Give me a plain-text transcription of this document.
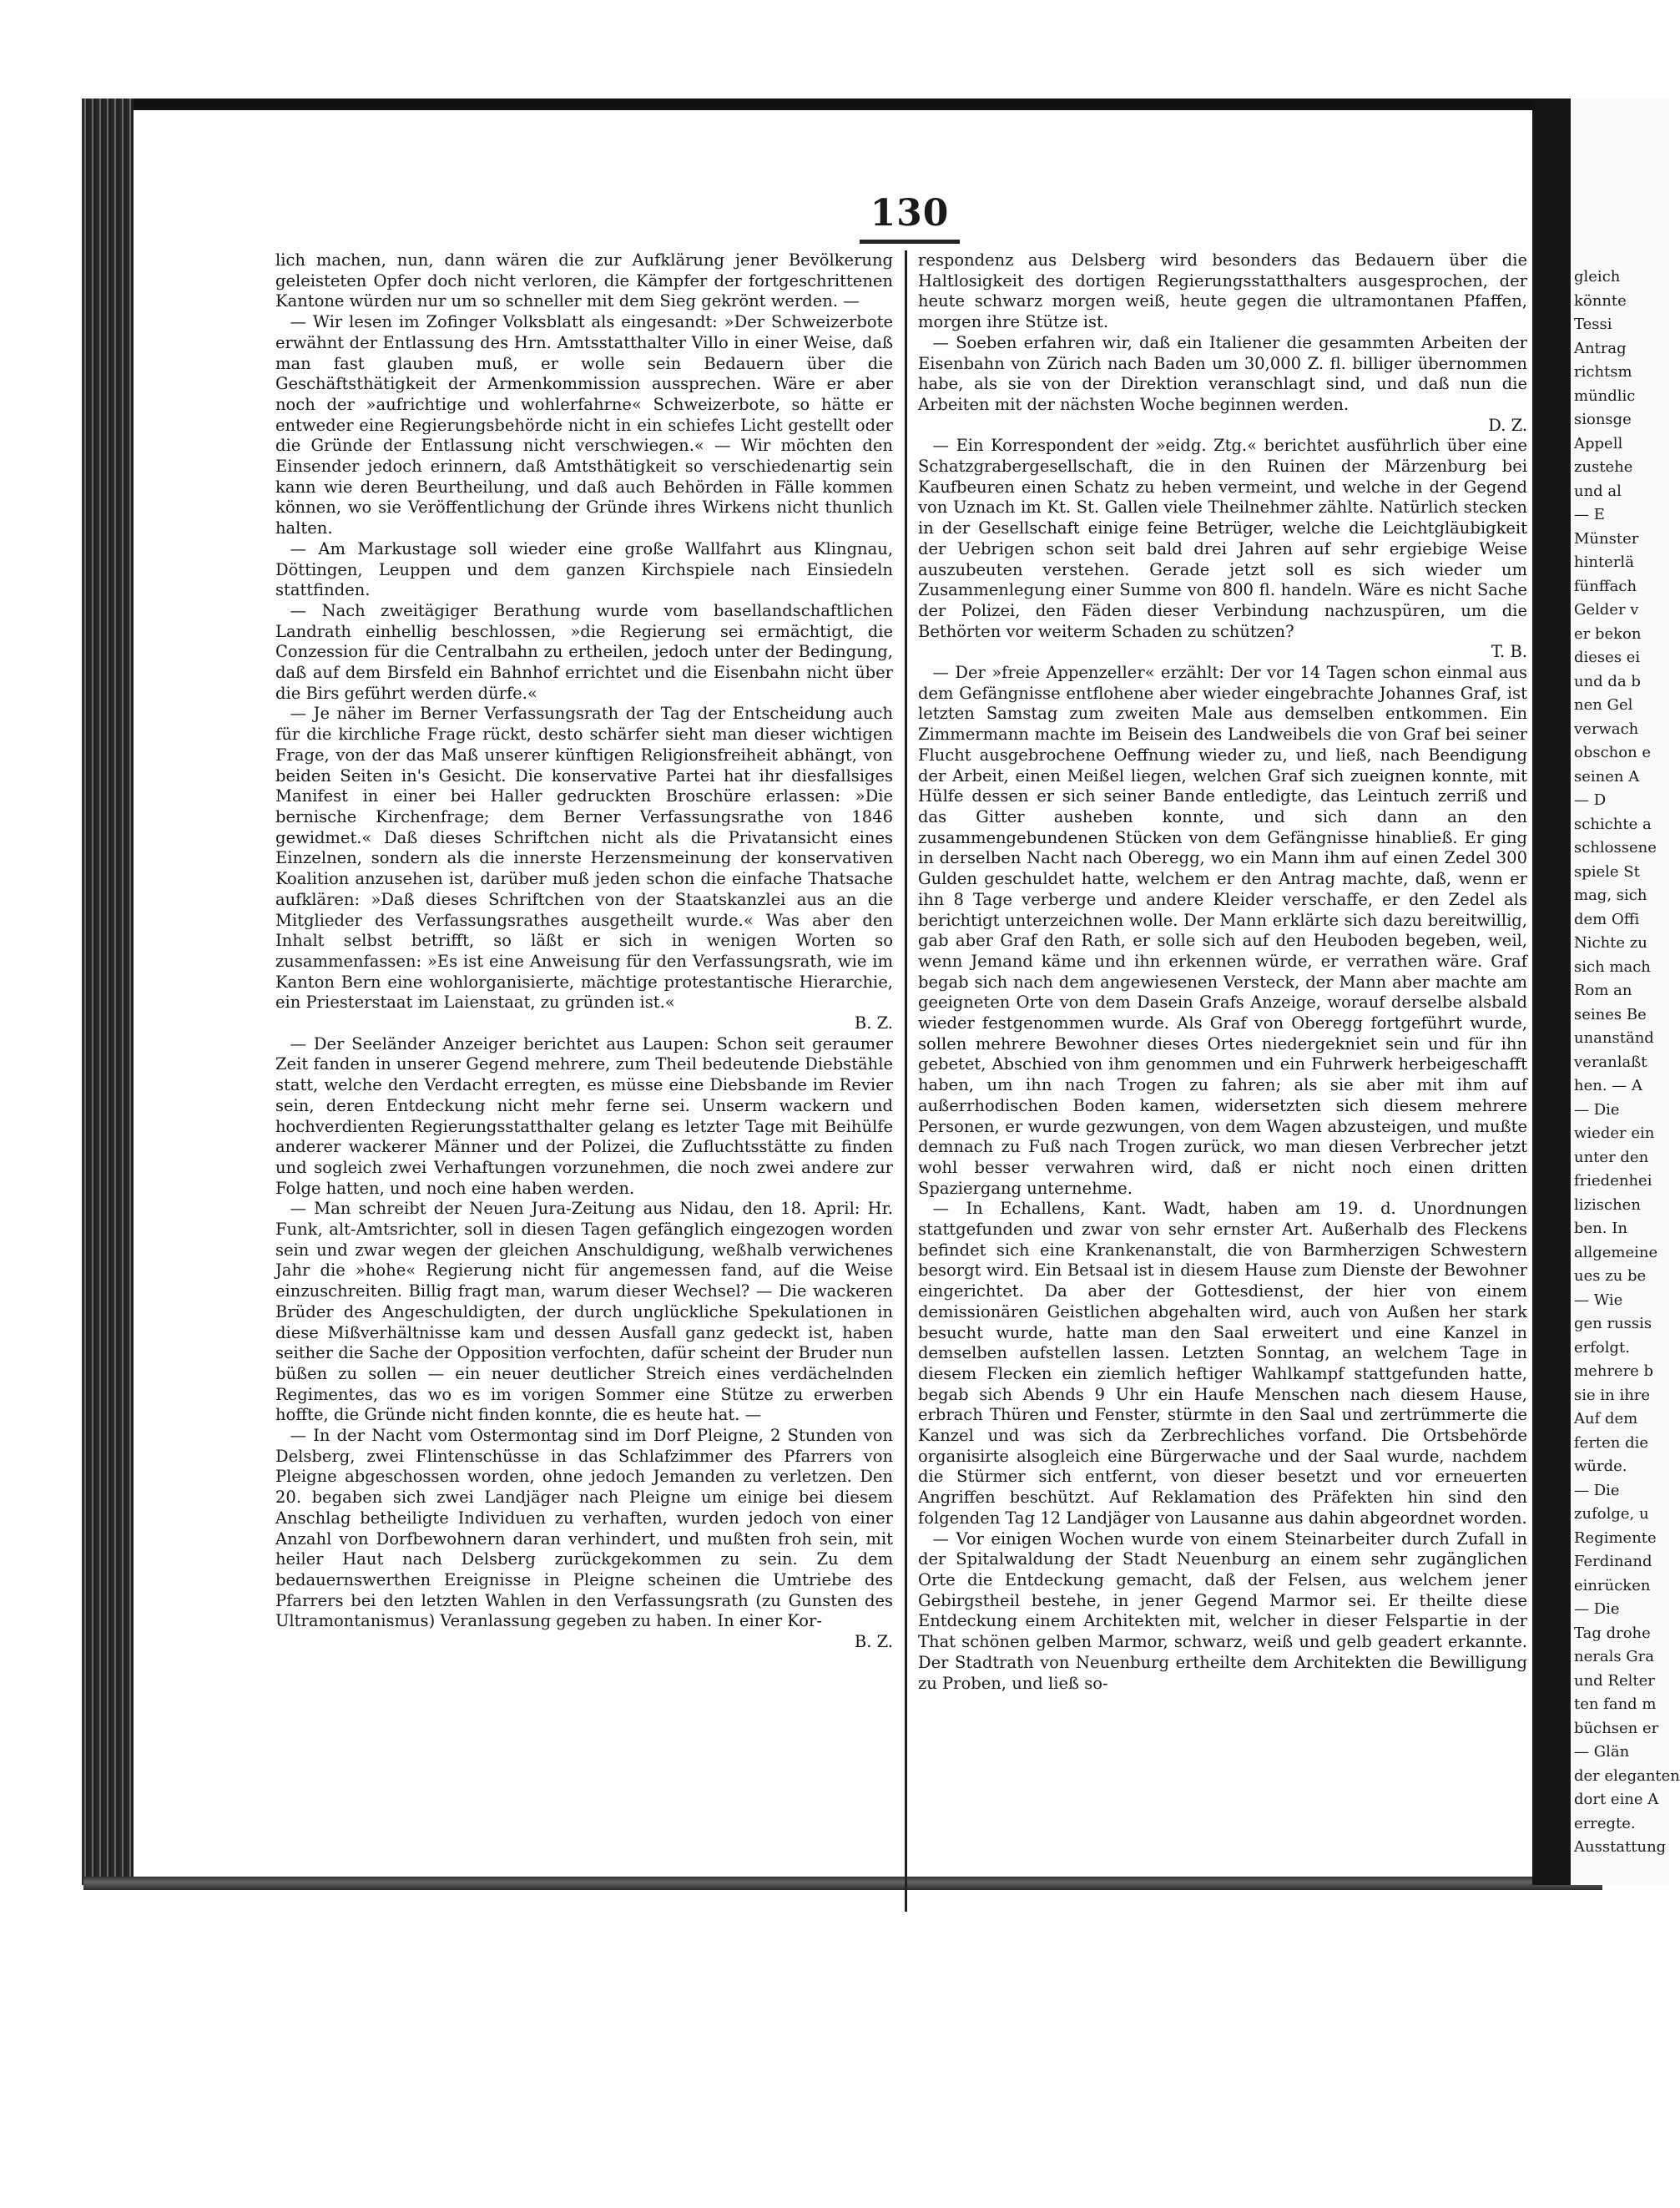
130

lich machen, nun, dann wären die zur Aufklärung jener Bevölkerung geleisteten Opfer doch nicht verloren, die Kämpfer der fortgeschrittenen Kantone würden nur um so schneller mit dem Sieg gekrönt werden. —

— Wir lesen im Zofinger Volksblatt als eingesandt: »Der Schweizerbote erwähnt der Entlassung des Hrn. Amtsstatthalter Villo in einer Weise, daß man fast glauben muß, er wolle sein Bedauern über die Geschäftsthätigkeit der Armenkommission aussprechen. Wäre er aber noch der »aufrichtige und wohlerfahrne« Schweizerbote, so hätte er entweder eine Regierungsbehörde nicht in ein schiefes Licht gestellt oder die Gründe der Entlassung nicht verschwiegen.« — Wir möchten den Einsender jedoch erinnern, daß Amtsthätigkeit so verschiedenartig sein kann wie deren Beurtheilung, und daß auch Behörden in Fälle kommen können, wo sie Veröffentlichung der Gründe ihres Wirkens nicht thunlich halten.

— Am Markustage soll wieder eine große Wallfahrt aus Klingnau, Döttingen, Leuppen und dem ganzen Kirchspiele nach Einsiedeln stattfinden.

— Nach zweitägiger Berathung wurde vom basellandschaftlichen Landrath einhellig beschlossen, »die Regierung sei ermächtigt, die Conzession für die Centralbahn zu ertheilen, jedoch unter der Bedingung, daß auf dem Birsfeld ein Bahnhof errichtet und die Eisenbahn nicht über die Birs geführt werden dürfe.«

— Je näher im Berner Verfassungsrath der Tag der Entscheidung auch für die kirchliche Frage rückt, desto schärfer sieht man dieser wichtigen Frage, von der das Maß unserer künftigen Religionsfreiheit abhängt, von beiden Seiten in's Gesicht. Die konservative Partei hat ihr diesfallsiges Manifest in einer bei Haller gedruckten Broschüre erlassen: »Die bernische Kirchenfrage; dem Berner Verfassungsrathe von 1846 gewidmet.« Daß dieses Schriftchen nicht als die Privatansicht eines Einzelnen, sondern als die innerste Herzensmeinung der konservativen Koalition anzusehen ist, darüber muß jeden schon die einfache Thatsache aufklären: »Daß dieses Schriftchen von der Staatskanzlei aus an die Mitglieder des Verfassungsrathes ausgetheilt wurde.« Was aber den Inhalt selbst betrifft, so läßt er sich in wenigen Worten so zusammenfassen: »Es ist eine Anweisung für den Verfassungsrath, wie im Kanton Bern eine wohlorganisierte, mächtige protestantische Hierarchie, ein Priesterstaat im Laienstaat, zu gründen ist.«

B. Z.

— Der Seeländer Anzeiger berichtet aus Laupen: Schon seit geraumer Zeit fanden in unserer Gegend mehrere, zum Theil bedeutende Diebstähle statt, welche den Verdacht erregten, es müsse eine Diebsbande im Revier sein, deren Entdeckung nicht mehr ferne sei. Unserm wackern und hochverdienten Regierungsstatthalter gelang es letzter Tage mit Beihülfe anderer wackerer Männer und der Polizei, die Zufluchtsstätte zu finden und sogleich zwei Verhaftungen vorzunehmen, die noch zwei andere zur Folge hatten, und noch eine haben werden.

— Man schreibt der Neuen Jura-Zeitung aus Nidau, den 18. April: Hr. Funk, alt-Amtsrichter, soll in diesen Tagen gefänglich eingezogen worden sein und zwar wegen der gleichen Anschuldigung, weßhalb verwichenes Jahr die »hohe« Regierung nicht für angemessen fand, auf die Weise einzuschreiten. Billig fragt man, warum dieser Wechsel? — Die wackeren Brüder des Angeschuldigten, der durch unglückliche Spekulationen in diese Mißverhältnisse kam und dessen Ausfall ganz gedeckt ist, haben seither die Sache der Opposition verfochten, dafür scheint der Bruder nun büßen zu sollen — ein neuer deutlicher Streich eines verdächelnden Regimentes, das wo es im vorigen Sommer eine Stütze zu erwerben hoffte, die Gründe nicht finden konnte, die es heute hat. —

— In der Nacht vom Ostermontag sind im Dorf Pleigne, 2 Stunden von Delsberg, zwei Flintenschüsse in das Schlafzimmer des Pfarrers von Pleigne abgeschossen worden, ohne jedoch Jemanden zu verletzen. Den 20. begaben sich zwei Landjäger nach Pleigne um einige bei diesem Anschlag betheiligte Individuen zu verhaften, wurden jedoch von einer Anzahl von Dorfbewohnern daran verhindert, und mußten froh sein, mit heiler Haut nach Delsberg zurückgekommen zu sein. Zu dem bedauernswerthen Ereignisse in Pleigne scheinen die Umtriebe des Pfarrers bei den letzten Wahlen in den Verfassungsrath (zu Gunsten des Ultramontanismus) Veranlassung gegeben zu haben. In einer Kor-

B. Z.

respondenz aus Delsberg wird besonders das Bedauern über die Haltlosigkeit des dortigen Regierungsstatthalters ausgesprochen, der heute schwarz morgen weiß, heute gegen die ultramontanen Pfaffen, morgen ihre Stütze ist.

— Soeben erfahren wir, daß ein Italiener die gesammten Arbeiten der Eisenbahn von Zürich nach Baden um 30,000 Z. fl. billiger übernommen habe, als sie von der Direktion veranschlagt sind, und daß nun die Arbeiten mit der nächsten Woche beginnen werden.

D. Z.

— Ein Korrespondent der »eidg. Ztg.« berichtet ausführlich über eine Schatzgrabergesellschaft, die in den Ruinen der Märzenburg bei Kaufbeuren einen Schatz zu heben vermeint, und welche in der Gegend von Uznach im Kt. St. Gallen viele Theilnehmer zählte. Natürlich stecken in der Gesellschaft einige feine Betrüger, welche die Leichtgläubigkeit der Uebrigen schon seit bald drei Jahren auf sehr ergiebige Weise auszubeuten verstehen. Gerade jetzt soll es sich wieder um Zusammenlegung einer Summe von 800 fl. handeln. Wäre es nicht Sache der Polizei, den Fäden dieser Verbindung nachzuspüren, um die Bethörten vor weiterm Schaden zu schützen?

T. B.

— Der »freie Appenzeller« erzählt: Der vor 14 Tagen schon einmal aus dem Gefängnisse entflohene aber wieder eingebrachte Johannes Graf, ist letzten Samstag zum zweiten Male aus demselben entkommen. Ein Zimmermann machte im Beisein des Landweibels die von Graf bei seiner Flucht ausgebrochene Oeffnung wieder zu, und ließ, nach Beendigung der Arbeit, einen Meißel liegen, welchen Graf sich zueignen konnte, mit Hülfe dessen er sich seiner Bande entledigte, das Leintuch zerriß und das Gitter ausheben konnte, und sich dann an den zusammengebundenen Stücken von dem Gefängnisse hinabließ. Er ging in derselben Nacht nach Oberegg, wo ein Mann ihm auf einen Zedel 300 Gulden geschuldet hatte, welchem er den Antrag machte, daß, wenn er ihn 8 Tage verberge und andere Kleider verschaffe, er den Zedel als berichtigt unterzeichnen wolle. Der Mann erklärte sich dazu bereitwillig, gab aber Graf den Rath, er solle sich auf den Heuboden begeben, weil, wenn Jemand käme und ihn erkennen würde, er verrathen wäre. Graf begab sich nach dem angewiesenen Versteck, der Mann aber machte am geeigneten Orte von dem Dasein Grafs Anzeige, worauf derselbe alsbald wieder festgenommen wurde. Als Graf von Oberegg fortgeführt wurde, sollen mehrere Bewohner dieses Ortes niedergekniet sein und für ihn gebetet, Abschied von ihm genommen und ein Fuhrwerk herbeigeschafft haben, um ihn nach Trogen zu fahren; als sie aber mit ihm auf außerrhodischen Boden kamen, widersetzten sich diesem mehrere Personen, er wurde gezwungen, von dem Wagen abzusteigen, und mußte demnach zu Fuß nach Trogen zurück, wo man diesen Verbrecher jetzt wohl besser verwahren wird, daß er nicht noch einen dritten Spaziergang unternehme.

— In Echallens, Kant. Wadt, haben am 19. d. Unordnungen stattgefunden und zwar von sehr ernster Art. Außerhalb des Fleckens befindet sich eine Krankenanstalt, die von Barmherzigen Schwestern besorgt wird. Ein Betsaal ist in diesem Hause zum Dienste der Bewohner eingerichtet. Da aber der Gottesdienst, der hier von einem demissionären Geistlichen abgehalten wird, auch von Außen her stark besucht wurde, hatte man den Saal erweitert und eine Kanzel in demselben aufstellen lassen. Letzten Sonntag, an welchem Tage in diesem Flecken ein ziemlich heftiger Wahlkampf stattgefunden hatte, begab sich Abends 9 Uhr ein Haufe Menschen nach diesem Hause, erbrach Thüren und Fenster, stürmte in den Saal und zertrümmerte die Kanzel und was sich da Zerbrechliches vorfand. Die Ortsbehörde organisirte alsogleich eine Bürgerwache und der Saal wurde, nachdem die Stürmer sich entfernt, von dieser besetzt und vor erneuerten Angriffen beschützt. Auf Reklamation des Präfekten hin sind den folgenden Tag 12 Landjäger von Lausanne aus dahin abgeordnet worden.

— Vor einigen Wochen wurde von einem Steinarbeiter durch Zufall in der Spitalwaldung der Stadt Neuenburg an einem sehr zugänglichen Orte die Entdeckung gemacht, daß der Felsen, aus welchem jener Gebirgstheil bestehe, in jener Gegend Marmor sei. Er theilte diese Entdeckung einem Architekten mit, welcher in dieser Felspartie in der That schönen gelben Marmor, schwarz, weiß und gelb geadert erkannte. Der Stadtrath von Neuenburg ertheilte dem Architekten die Bewilligung zu Proben, und ließ so-

gleich
könnte
Tessi
Antrag
richtsm
mündlic
sionsge
Appell
zustehe
und al
— E
Münster
hinterlä
fünffach
Gelder v
er bekon
dieses ei
und da b
nen Gel
verwach
obschon e
seinen A
— D
schichte a
schlossene
spiele St
mag, sich
dem Offi
Nichte zu
sich mach
Rom an
seines Be
unanständ
veranlaßt
hen. — A
— Die
wieder ein
unter den
friedenhei
lizischen
ben. In
allgemeine
ues zu be
— Wie
gen russis
erfolgt.
mehrere b
sie in ihre
Auf dem
ferten die
würde.
— Die
zufolge, u
Regimente
Ferdinand
einrücken
— Die
Tag drohe
nerals Gra
und Relter
ten fand m
büchsen er
— Glän
der eleganten
dort eine A
erregte.
Ausstattung
